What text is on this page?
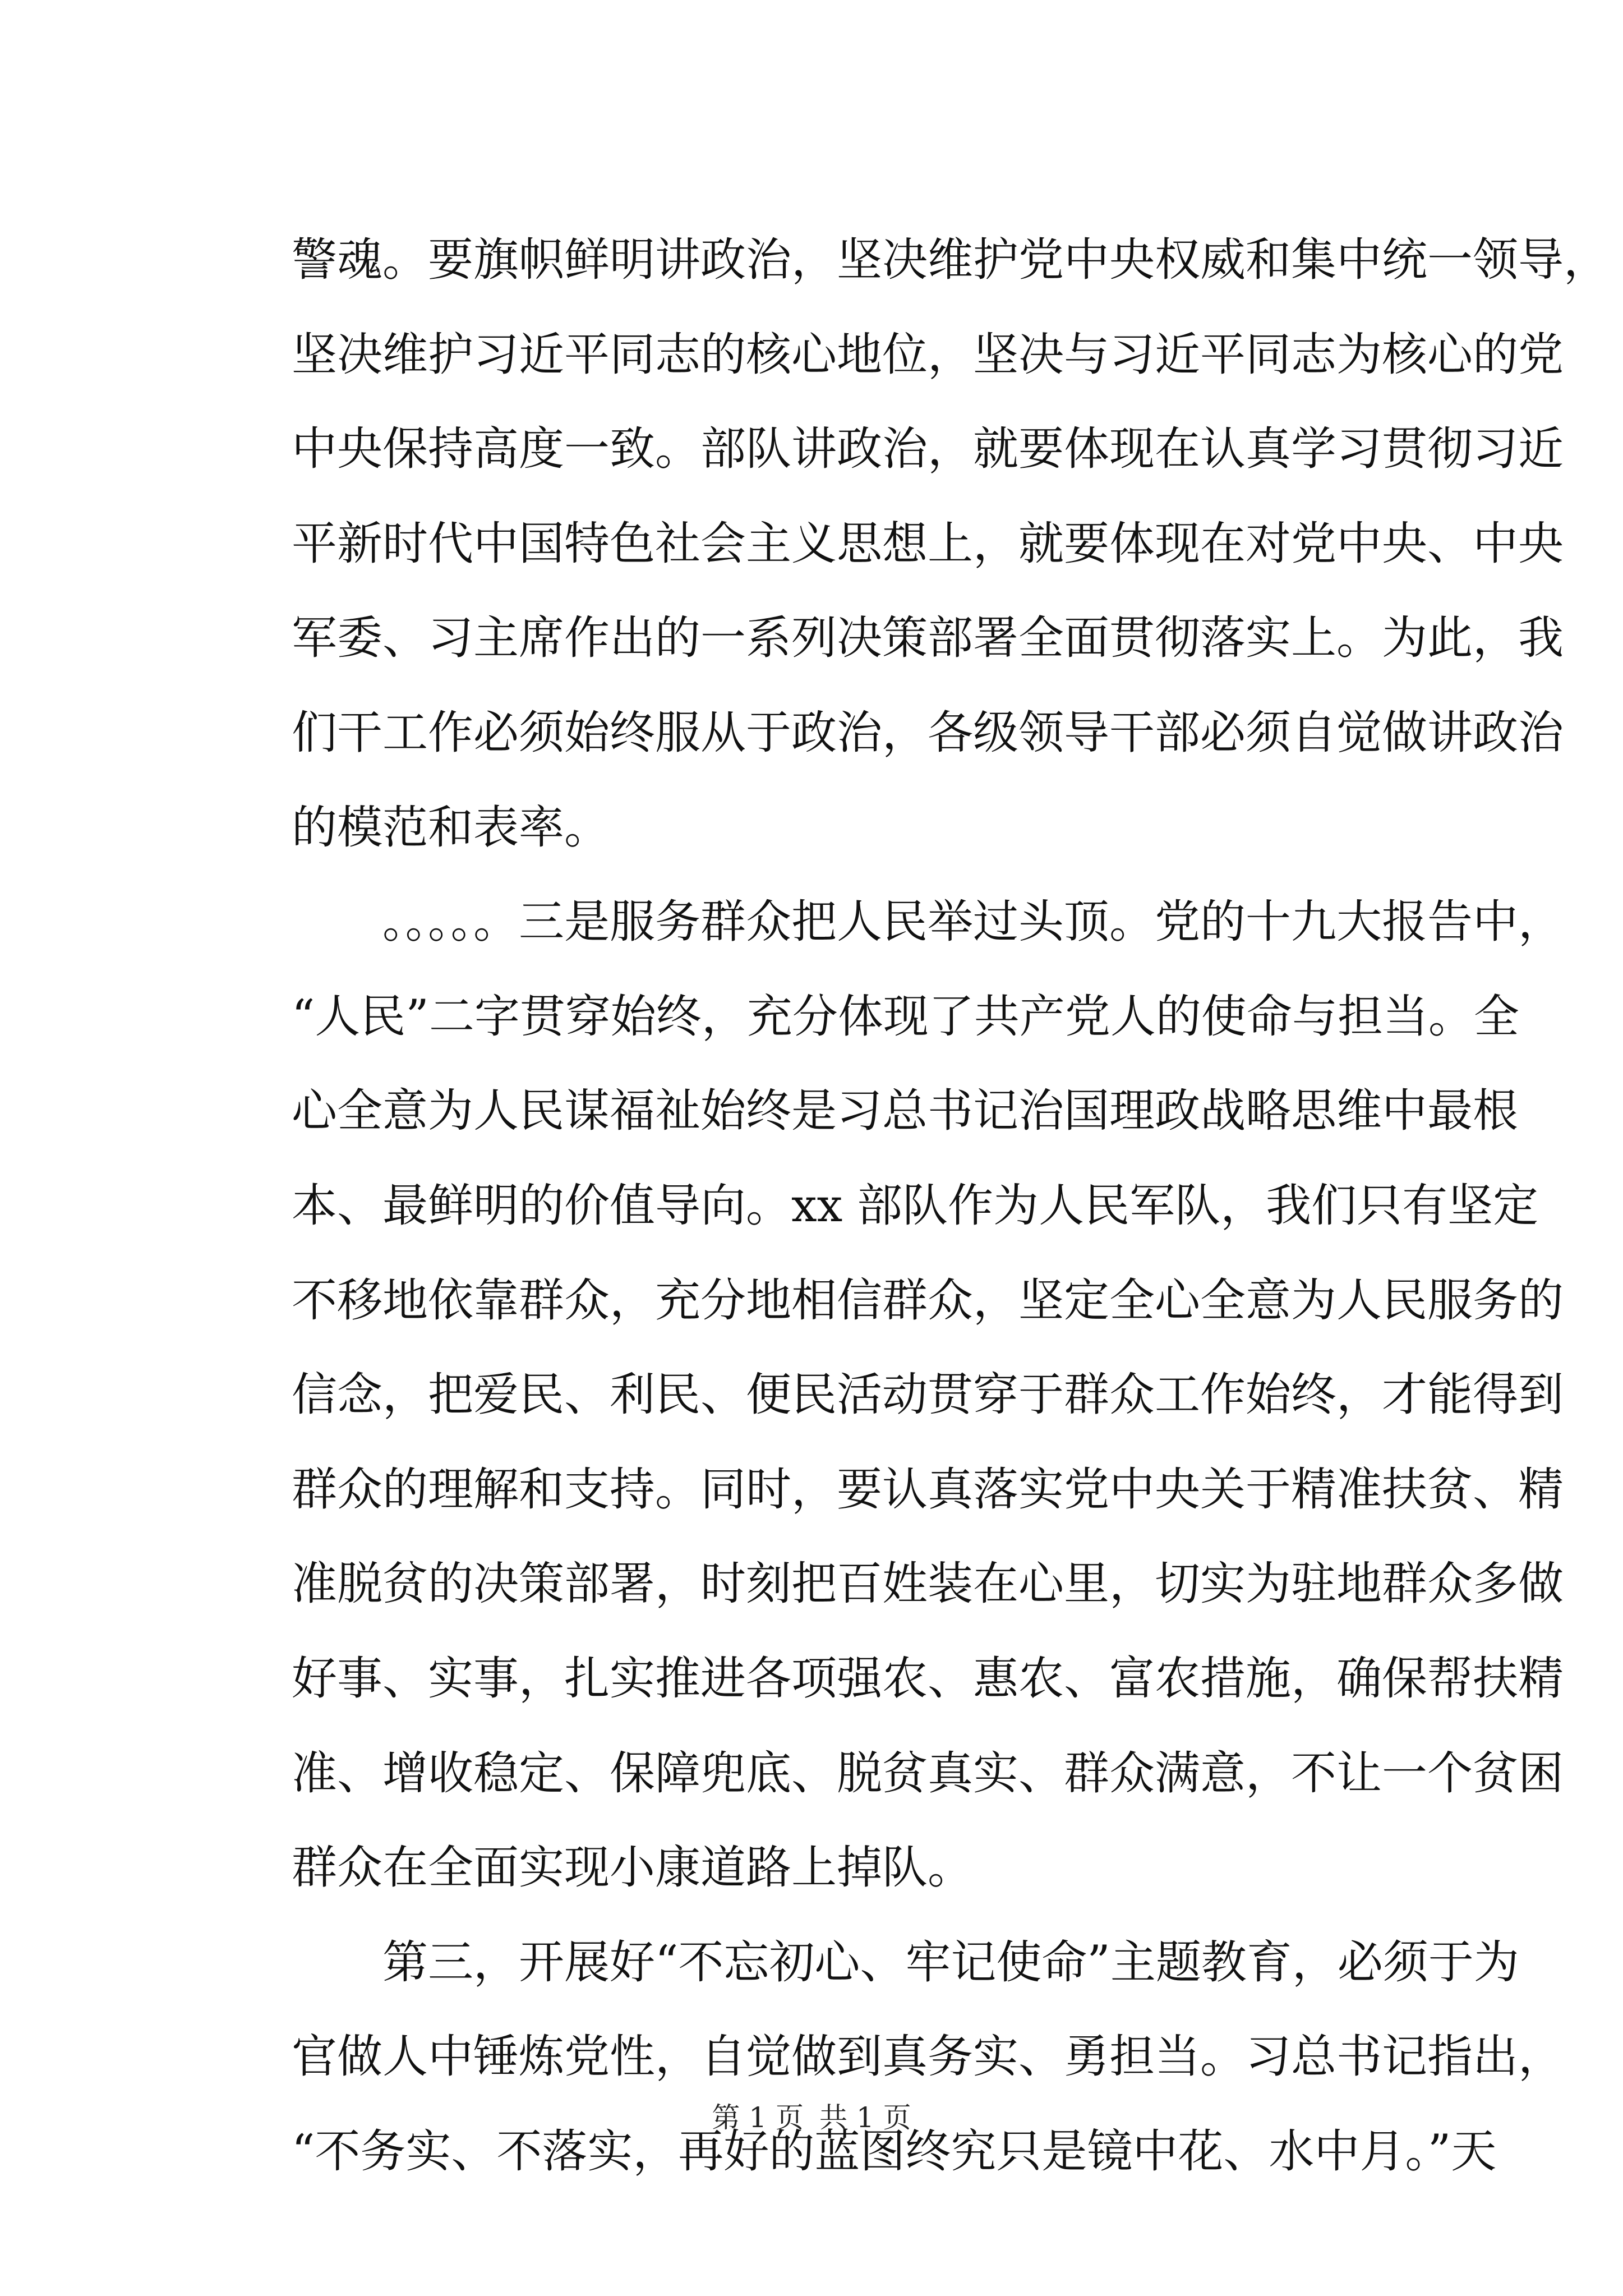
警魂。要旗帜鲜明讲政治，坚决维护党中央权威和集中统一领导，
坚决维护习近平同志的核心地位，坚决与习近平同志为核心的党
中央保持高度一致。部队讲政治，就要体现在认真学习贯彻习近
平新时代中国特色社会主义思想上，就要体现在对党中央、中央
军委、习主席作出的一系列决策部署全面贯彻落实上。为此，我
们干工作必须始终服从于政治，各级领导干部必须自觉做讲政治
的模范和表率。
。。。。。三是服务群众把人民举过头顶。党的十九大报告中，
“人民”二字贯穿始终，充分体现了共产党人的使命与担当。全
心全意为人民谋福祉始终是习总书记治国理政战略思维中最根
本、最鲜明的价值导向。xx 部队作为人民军队，我们只有坚定
不移地依靠群众，充分地相信群众，坚定全心全意为人民服务的
信念，把爱民、利民、便民活动贯穿于群众工作始终，才能得到
群众的理解和支持。同时，要认真落实党中央关于精准扶贫、精
准脱贫的决策部署，时刻把百姓装在心里，切实为驻地群众多做
好事、实事，扎实推进各项强农、惠农、富农措施，确保帮扶精
准、增收稳定、保障兜底、脱贫真实、群众满意，不让一个贫困
群众在全面实现小康道路上掉队。
第三，开展好“不忘初心、牢记使命”主题教育，必须于为
官做人中锤炼党性，自觉做到真务实、勇担当。习总书记指出，
“不务实、不落实，再好的蓝图终究只是镜中花、水中月。”天
第 1 页 共 1 页
